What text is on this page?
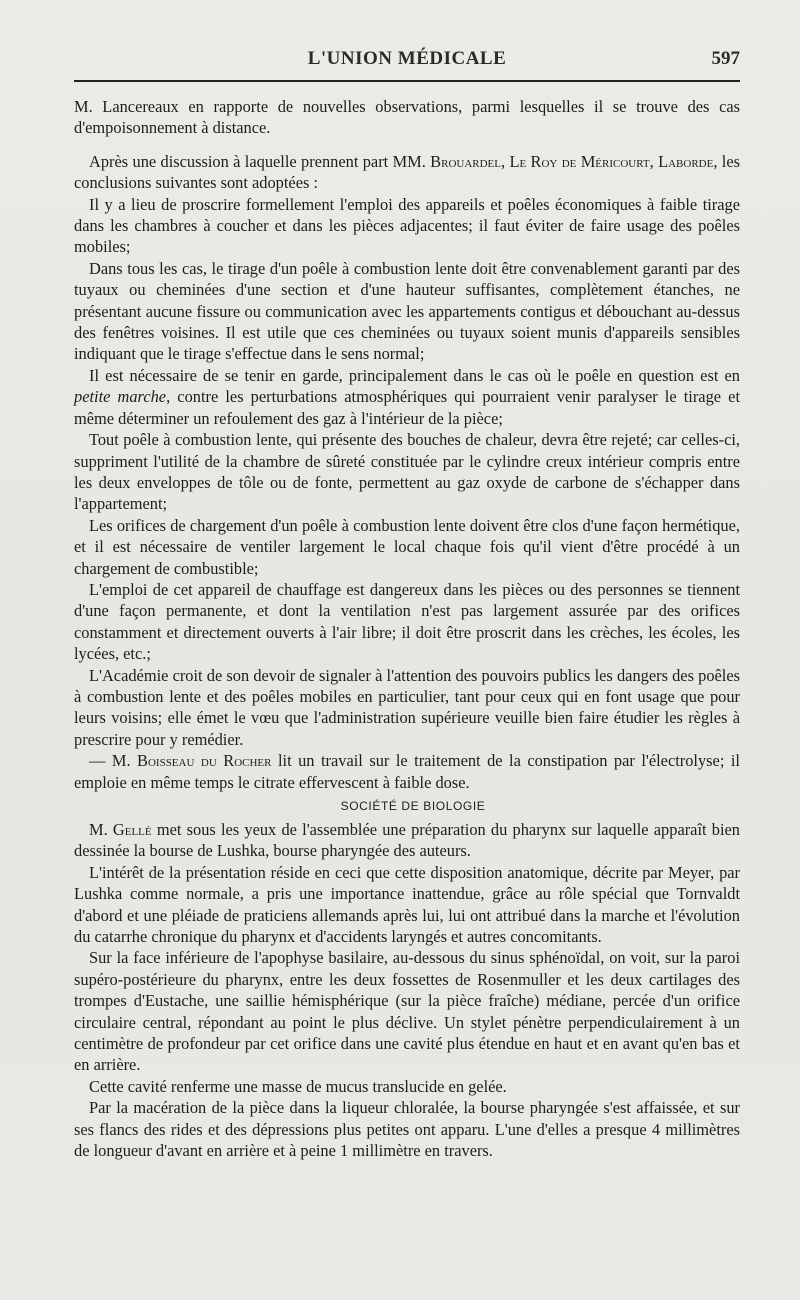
L'UNION MÉDICALE	597

M. Lancereaux en rapporte de nouvelles observations, parmi lesquelles il se trouve des cas d'empoisonnement à distance.

Après une discussion à laquelle prennent part MM. Brouardel, Le Roy de Méricourt, Laborde, les conclusions suivantes sont adoptées :

Il y a lieu de proscrire formellement l'emploi des appareils et poêles économiques à faible tirage dans les chambres à coucher et dans les pièces adjacentes; il faut éviter de faire usage des poêles mobiles;

Dans tous les cas, le tirage d'un poêle à combustion lente doit être convenablement garanti par des tuyaux ou cheminées d'une section et d'une hauteur suffisantes, complètement étanches, ne présentant aucune fissure ou communication avec les appartements contigus et débouchant au-dessus des fenêtres voisines. Il est utile que ces cheminées ou tuyaux soient munis d'appareils sensibles indiquant que le tirage s'effectue dans le sens normal;

Il est nécessaire de se tenir en garde, principalement dans le cas où le poêle en question est en petite marche, contre les perturbations atmosphériques qui pourraient venir paralyser le tirage et même déterminer un refoulement des gaz à l'intérieur de la pièce;

Tout poêle à combustion lente, qui présente des bouches de chaleur, devra être rejeté; car celles-ci, suppriment l'utilité de la chambre de sûreté constituée par le cylindre creux intérieur compris entre les deux enveloppes de tôle ou de fonte, permettent au gaz oxyde de carbone de s'échapper dans l'appartement;

Les orifices de chargement d'un poêle à combustion lente doivent être clos d'une façon hermétique, et il est nécessaire de ventiler largement le local chaque fois qu'il vient d'être procédé à un chargement de combustible;

L'emploi de cet appareil de chauffage est dangereux dans les pièces ou des personnes se tiennent d'une façon permanente, et dont la ventilation n'est pas largement assurée par des orifices constamment et directement ouverts à l'air libre; il doit être proscrit dans les crèches, les écoles, les lycées, etc.;

L'Académie croit de son devoir de signaler à l'attention des pouvoirs publics les dangers des poêles à combustion lente et des poêles mobiles en particulier, tant pour ceux qui en font usage que pour leurs voisins; elle émet le vœu que l'administration supérieure veuille bien faire étudier les règles à prescrire pour y remédier.

— M. Boisseau du Rocher lit un travail sur le traitement de la constipation par l'électrolyse; il emploie en même temps le citrate effervescent à faible dose.

SOCIÉTÉ DE BIOLOGIE

M. Gellé met sous les yeux de l'assemblée une préparation du pharynx sur laquelle apparaît bien dessinée la bourse de Lushka, bourse pharyngée des auteurs.

L'intérêt de la présentation réside en ceci que cette disposition anatomique, décrite par Meyer, par Lushka comme normale, a pris une importance inattendue, grâce au rôle spécial que Tornvaldt d'abord et une pléiade de praticiens allemands après lui, lui ont attribué dans la marche et l'évolution du catarrhe chronique du pharynx et d'accidents laryngés et autres concomitants.

Sur la face inférieure de l'apophyse basilaire, au-dessous du sinus sphénoïdal, on voit, sur la paroi supéro-postérieure du pharynx, entre les deux fossettes de Rosenmuller et les deux cartilages des trompes d'Eustache, une saillie hémisphérique (sur la pièce fraîche) médiane, percée d'un orifice circulaire central, répondant au point le plus déclive. Un stylet pénètre perpendiculairement à un centimètre de profondeur par cet orifice dans une cavité plus étendue en haut et en avant qu'en bas et en arrière.

Cette cavité renferme une masse de mucus translucide en gelée.

Par la macération de la pièce dans la liqueur chloralée, la bourse pharyngée s'est affaissée, et sur ses flancs des rides et des dépressions plus petites ont apparu. L'une d'elles a presque 4 millimètres de longueur d'avant en arrière et à peine 1 millimètre en travers.
